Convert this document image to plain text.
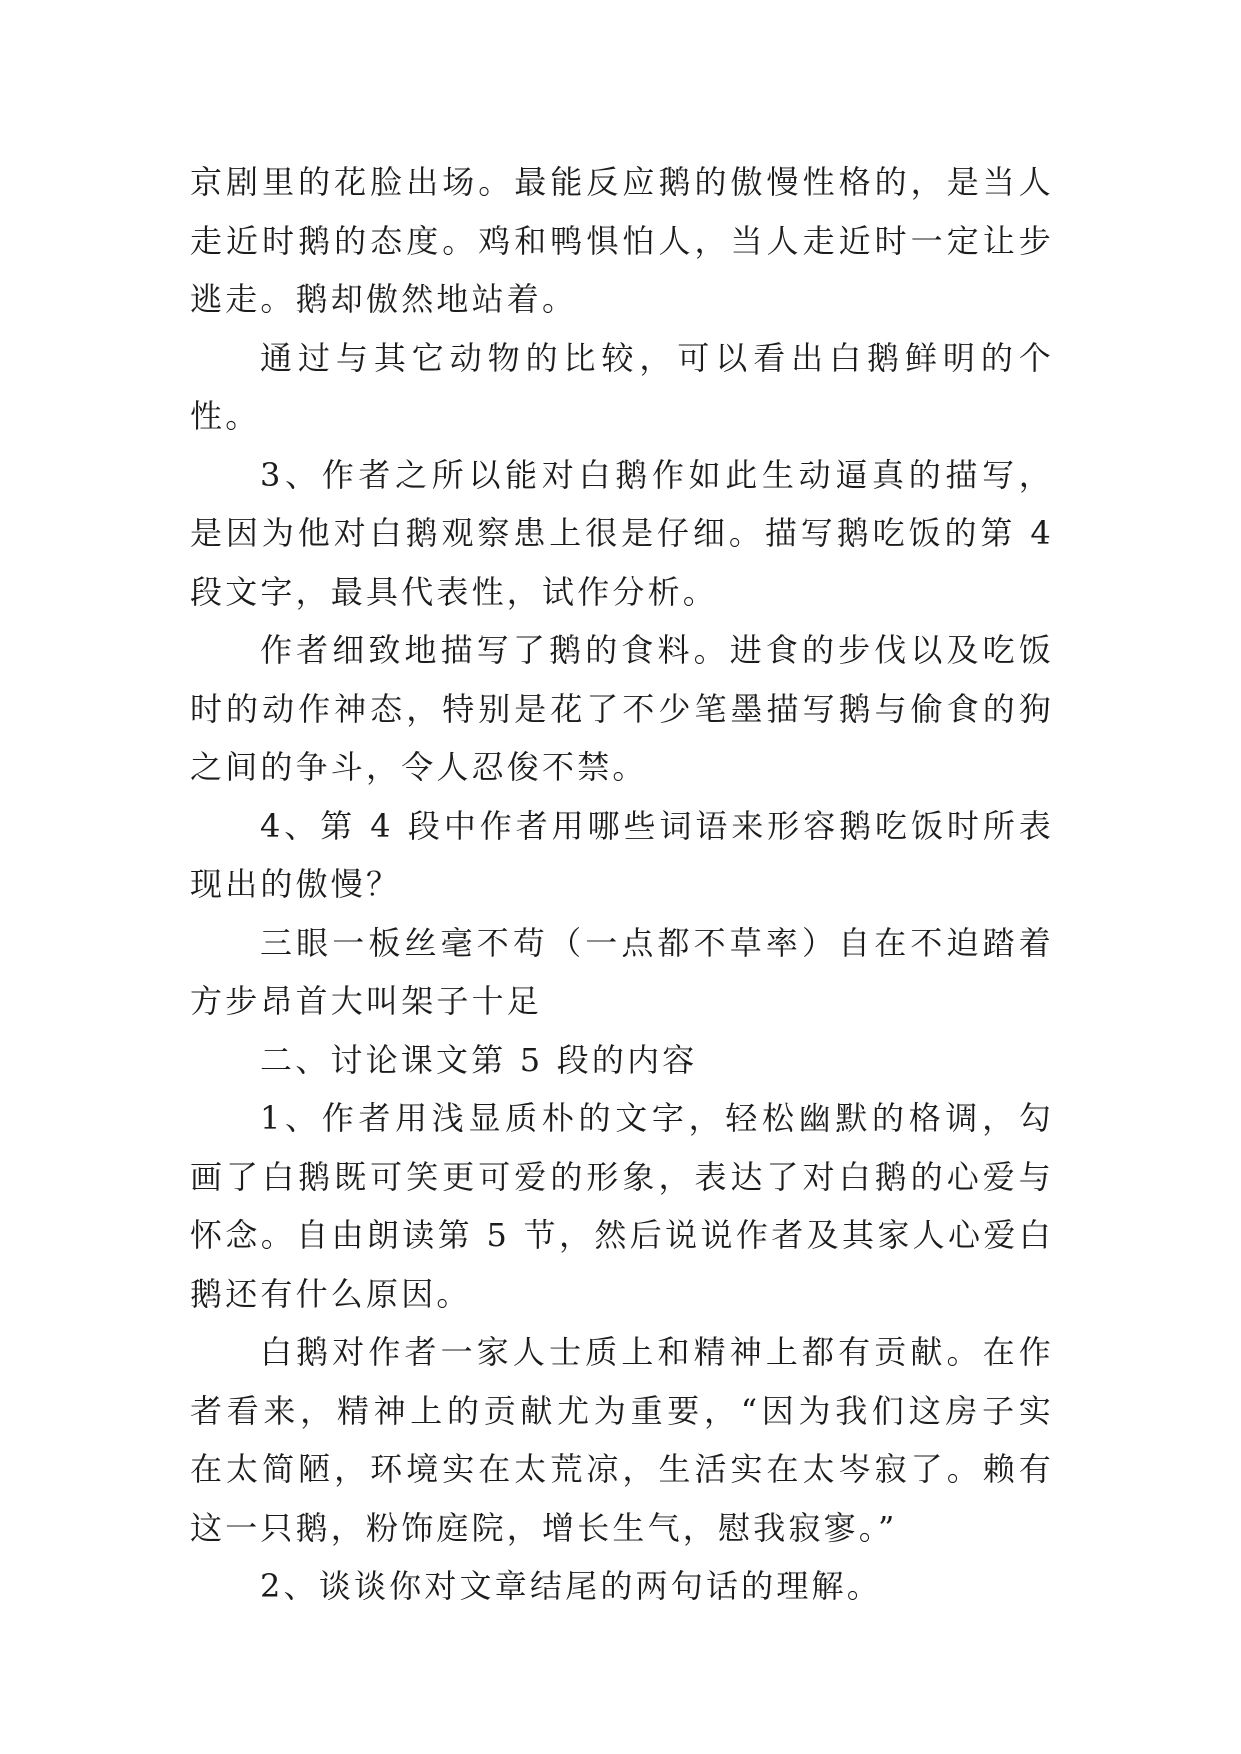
京剧里的花脸出场。最能反应鹅的傲慢性格的，是当人走近时鹅的态度。鸡和鸭惧怕人，当人走近时一定让步逃走。鹅却傲然地站着。

通过与其它动物的比较，可以看出白鹅鲜明的个性。

3、作者之所以能对白鹅作如此生动逼真的描写，是因为他对白鹅观察患上很是仔细。描写鹅吃饭的第 4 段文字，最具代表性，试作分析。

作者细致地描写了鹅的食料。进食的步伐以及吃饭时的动作神态，特别是花了不少笔墨描写鹅与偷食的狗之间的争斗，令人忍俊不禁。

4、第 4 段中作者用哪些词语来形容鹅吃饭时所表现出的傲慢？

三眼一板丝毫不苟（一点都不草率）自在不迫踏着方步昂首大叫架子十足

二、讨论课文第 5 段的内容

1、作者用浅显质朴的文字，轻松幽默的格调，勾画了白鹅既可笑更可爱的形象，表达了对白鹅的心爱与怀念。自由朗读第 5 节，然后说说作者及其家人心爱白鹅还有什么原因。

白鹅对作者一家人士质上和精神上都有贡献。在作者看来，精神上的贡献尤为重要，“因为我们这房子实在太简陋，环境实在太荒凉，生活实在太岑寂了。赖有这一只鹅，粉饰庭院，增长生气，慰我寂寥。”

2、谈谈你对文章结尾的两句话的理解。
